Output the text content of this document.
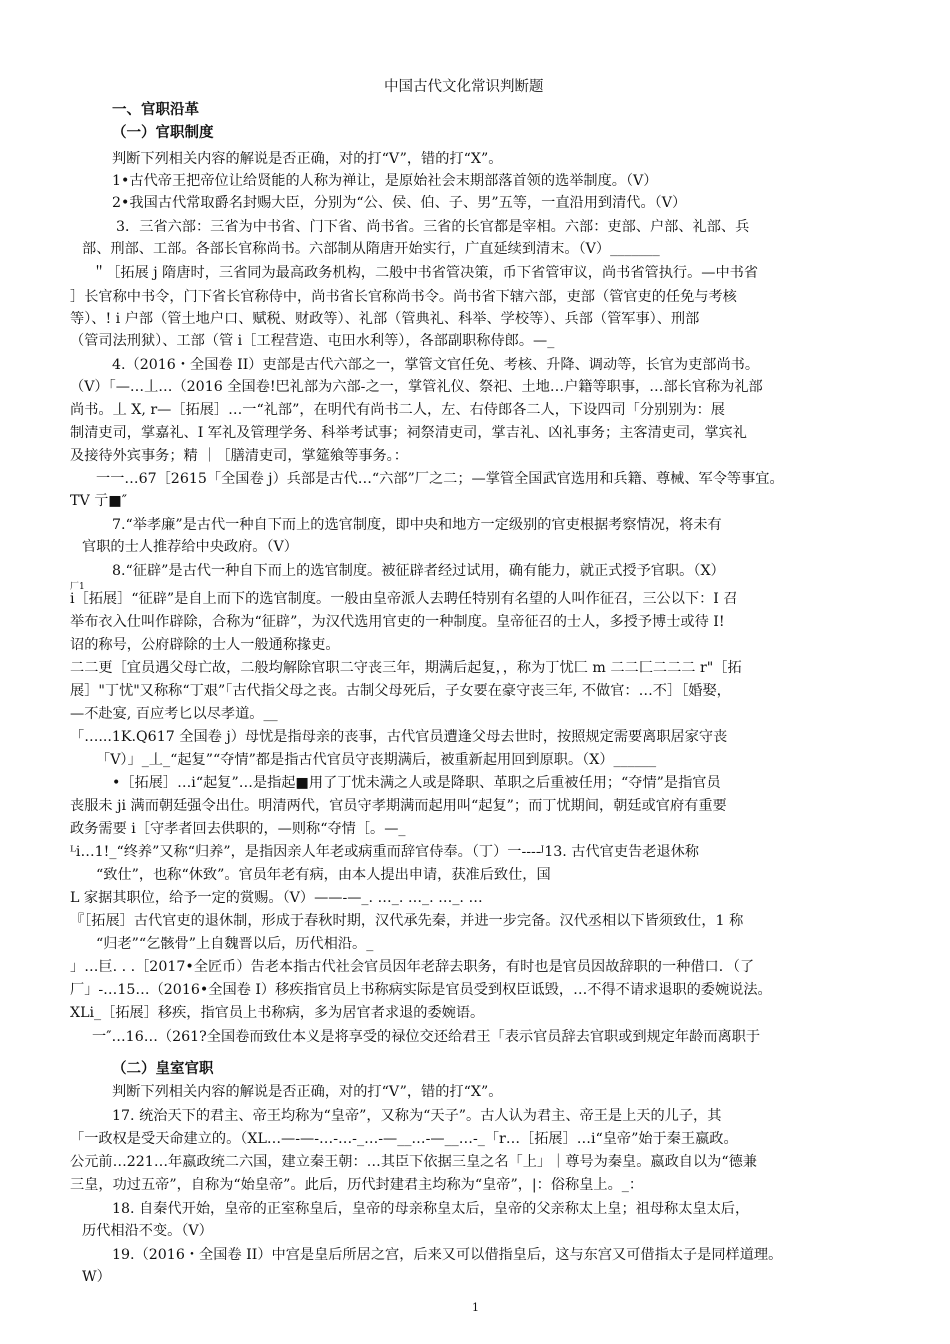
中国古代文化常识判断题
一、官职沿革
（一）官职制度
判断下列相关内容的解说是否正确，对的打“V”，错的打“X”。
1•古代帝王把帝位让给贤能的人称为禅让，是原始社会末期部落首领的选举制度。（V）
2•我国古代常取爵名封赐大臣，分别为“公、侯、伯、子、男”五等，一直沿用到清代。（V）
3．三省六部：三省为中书省、门下省、尚书省。三省的长官都是宰相。六部：吏部、户部、礼部、兵
部、刑部、工部。各部长官称尚书。六部制从隋唐开始实行，广直延续到清末。（V）_______
＂［拓展 j 隋唐时，三省同为最高政务机构，二般中书省管决策，币下省管审议，尚书省管执行。—中书省
］长官称中书令，门下省长官称侍中，尚书省长官称尚书令。尚书省下辖六部，吏部（管官吏的任免与考核
等）、! i 户部（管土地户口、赋税、财政等）、礼部（管典礼、科举、学校等）、兵部（管军事）、刑部
（管司法刑狱）、工部（管 i［工程营造、屯田水利等），各部副职称侍郎。—_
4.（2016・全国卷 II）吏部是古代六部之一，掌管文官任免、考核、升降、调动等，长官为吏部尚书。
（V）「—…丄…（2016 全国卷!巴礼部为六部-之一，掌管礼仪、祭祀、土地…户籍等职事，…部长官称为礼部
尚书。丄 X, r—［拓展］…一“礼部”，在明代有尚书二人，左、右侍郎各二人，下设四司「分别别为：展
制清吏司，掌嘉礼、I 军礼及管理学务、科举考试事；祠祭清吏司，掌吉礼、凶礼事务；主客清吏司，掌宾礼
及接待外宾事务；精 ｜［膳清吏司，掌筵飨等事务。：
一一…67［2615「全国卷 j）兵部是古代…“六部”厂之二；—掌管全国武官选用和兵籍、尊械、军令等事宜。
TV 亍■″
7.“举孝廉”是古代一种自下而上的选官制度，即中央和地方一定级别的官吏根据考察情况，将未有
官职的士人推荐给中央政府。（V）
8.“征辟”是古代一种自下而上的选官制度。被征辟者经过试用，确有能力，就正式授予官职。（X）
厂1
i［拓展］“征辟”是自上而下的选官制度。一般由皇帝派人去聘任特别有名望的人叫作征召，三公以下：I 召
举布衣入仕叫作辟除，合称为“征辟”，为汉代选用官吏的一种制度。皇帝征召的士人，多授予博士或待 I!
诏的称号，公府辟除的士人一般通称掾吏。
二二更［宜员遇父母亡故，二般均解除官职二守丧三年，期满后起复，，称为丁忧匚 m 二二匚二二二 r"［拓
展］"丁忧"又称称“丁艰”「古代指父母之丧。古制父母死后，子女要在豪守丧三年, 不做官：…不］［婚娶，
—不赴宴, 百应考匕以尽孝道。__
「…...1K.Q617 全国卷 j）母忧是指母亲的丧事，古代官员遭逢父母去世时，按照规定需要离职居家守丧
「V）」_丄_“起复”“夺情”都是指古代官员守丧期满后，被重新起用回到原职。（X）______
•［拓展］…i“起复”…是指起■用了丁忧未满之人或是降职、革职之后重被任用；“夺情”是指官员
丧服未 ji 满而朝廷强令出仕。明清两代，官员守孝期满而起用叫“起复”；而丁忧期间，朝廷或官府有重要
政务需要 i［守孝者回去供职的，—则称“夺情［。—_
ᴸi…1!_“终养”又称“归养”，是指因亲人年老或病重而辞官侍奉。（丁）一----ᴶ13. 古代官吏告老退休称
“致仕”，也称“休致”。官员年老有病，由本人提出申请，获准后致仕，国
L 家据其职位，给予一定的赏赐。（V）——-—_. …_. …_. …_. …
『［拓展］古代官吏的退休制，形成于春秋时期，汉代承先秦，并进一步完备。汉代丞相以下皆须致仕，1 称
“归老”“乞骸骨”上自魏晋以后，历代相沿。_
」…巨. . .［2017•全匠币）告老本指古代社会官员因年老辞去职务，有时也是官员因故辞职的一种借口．（了
厂」-…15…（2016•全国卷 I）移疾指官员上书称病实际是官员受到权臣诋毁，…不得不请求退职的委婉说法。
XLi_［拓展］移疾，指官员上书称病，多为居官者求退的委婉语。
一″…16…（261?全国卷而致仕本义是将享受的禄位交还给君王「表示官员辞去官职或到规定年龄而离职于
（二）皇室官职
判断下列相关内容的解说是否正确，对的打“V”，错的打“X”。
17. 统治天下的君主、帝王均称为“皇帝”，又称为“天子”。古人认为君主、帝王是上天的儿子，其
「一政权是受天命建立的。（XL…—-—-…-…-_…-—__…-—__…-_「r…［拓展］…i“皇帝”始于秦王嬴政。
公元前…221…年嬴政统二六国，建立秦王朝：…其臣下依据三皇之名「上」｜尊号为秦皇。嬴政自以为“德兼
三皇，功过五帝”，自称为“始皇帝”。此后，历代封建君主均称为“皇帝”，|：俗称皇上。_：
18. 自秦代开始，皇帝的正室称皇后，皇帝的母亲称皇太后，皇帝的父亲称太上皇；祖母称太皇太后，
历代相沿不变。（V）
19.（2016・全国卷 II）中宫是皇后所居之宫，后来又可以借指皇后，这与东宫又可借指太子是同样道理。
W）
1
